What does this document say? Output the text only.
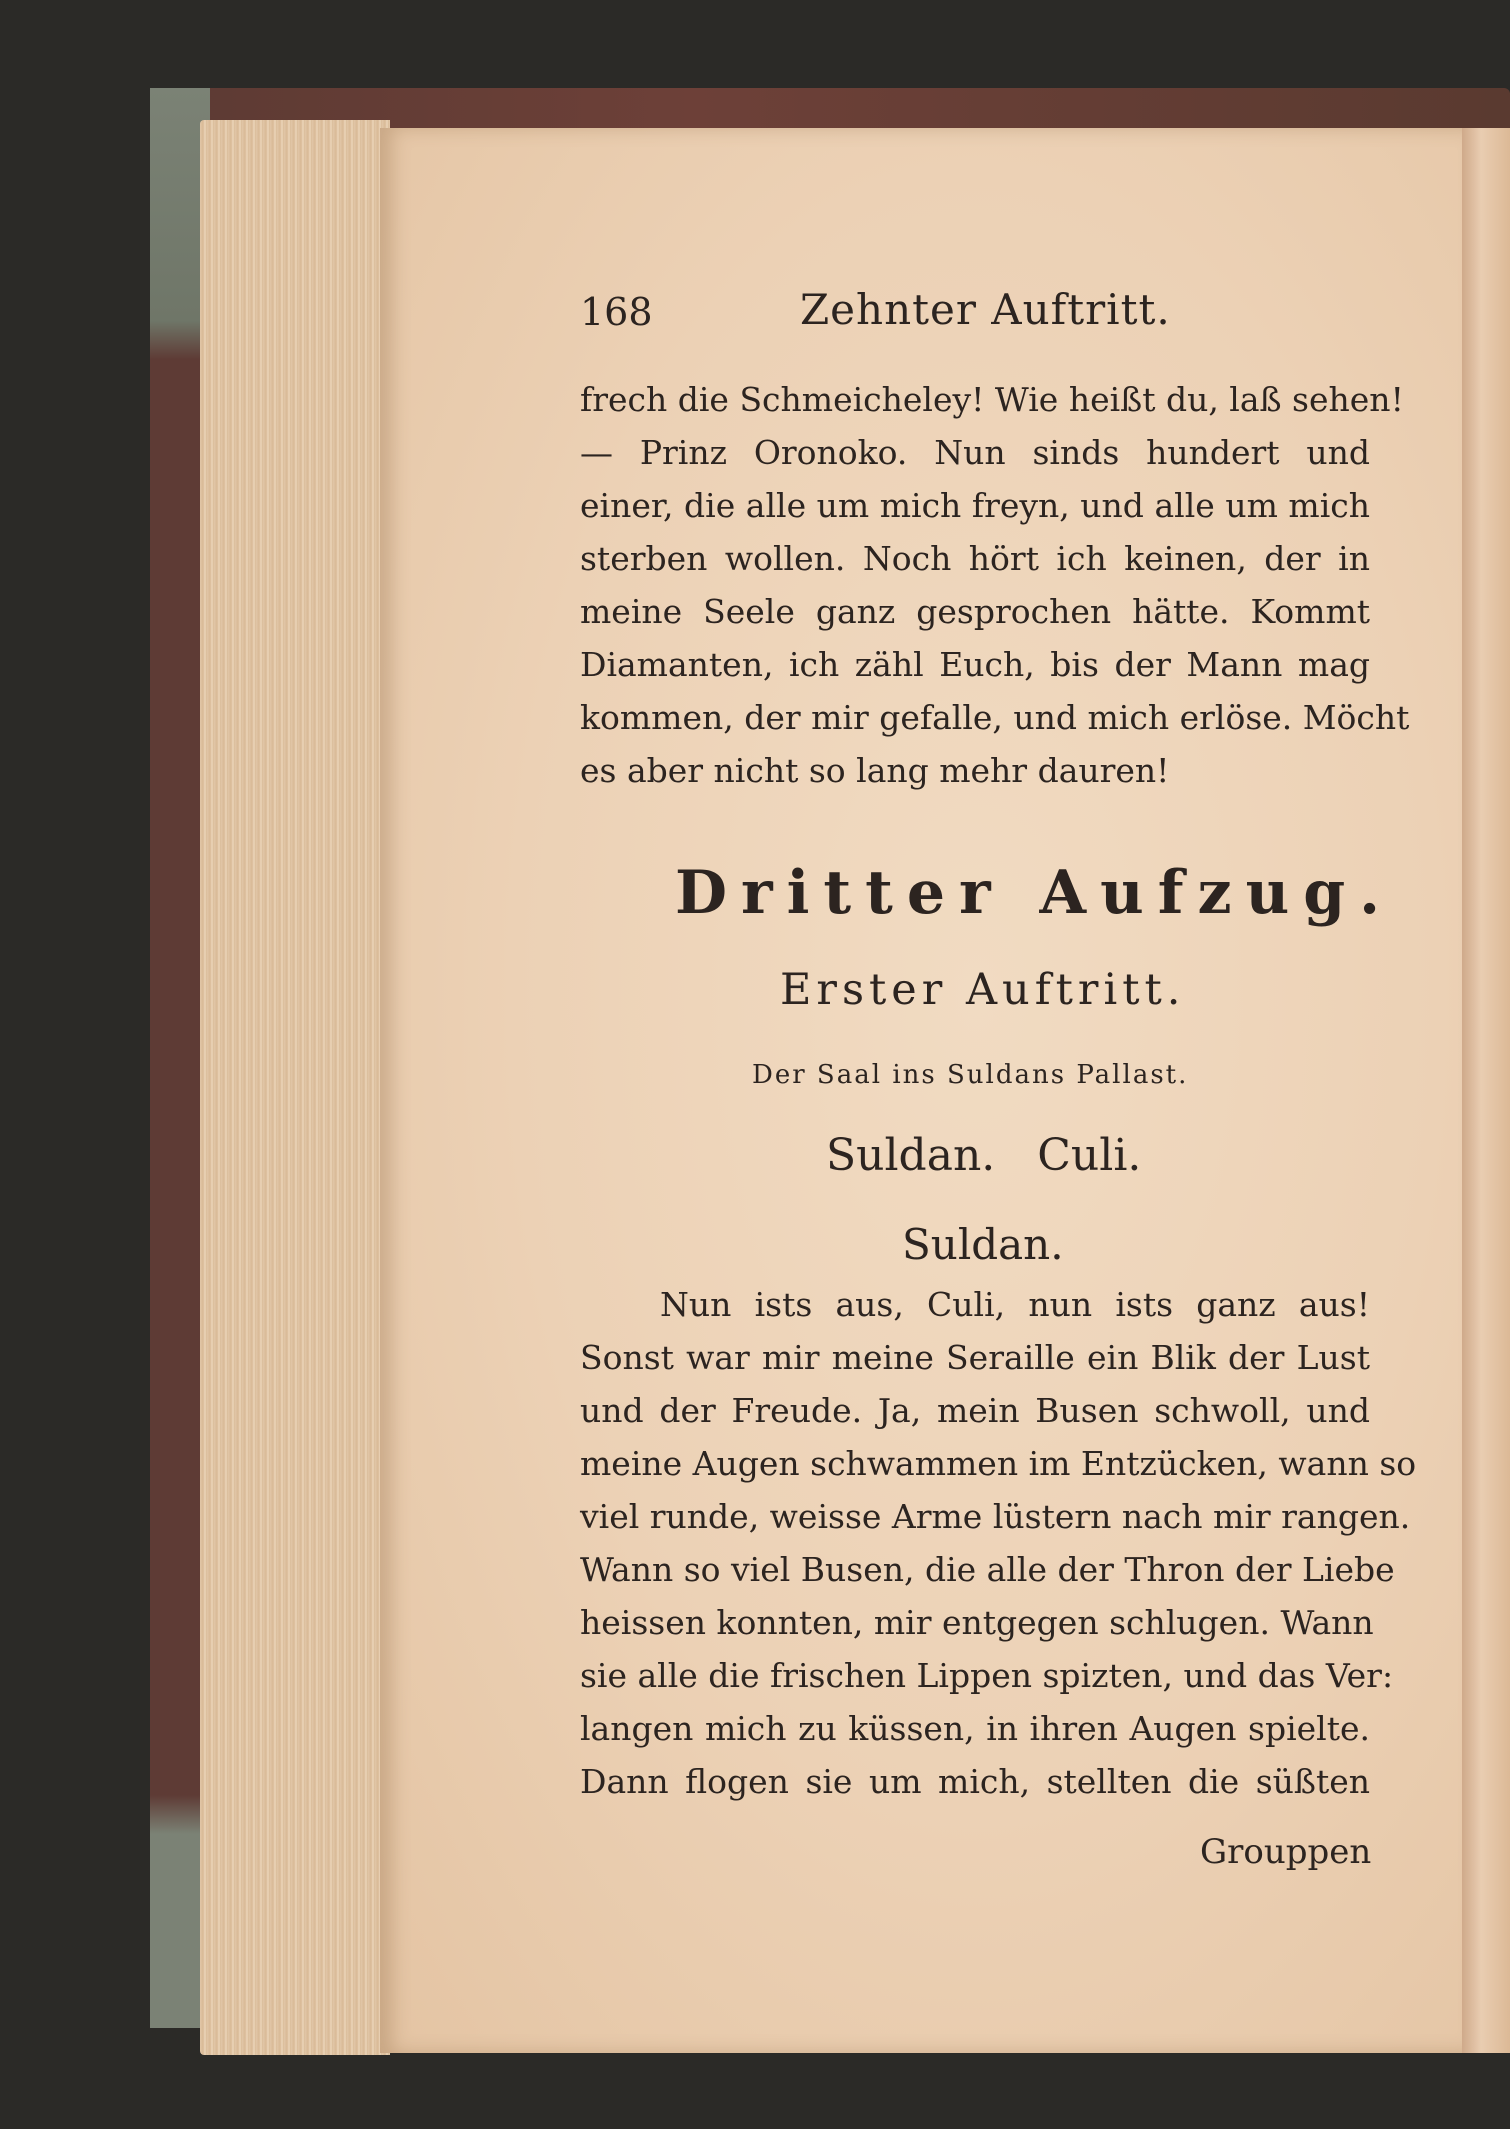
168	Zehnter Auftritt.
frech die Schmeicheley! Wie heißt du, laß sehen!
— Prinz Oronoko. Nun sinds hundert und
einer, die alle um mich freyn, und alle um mich
sterben wollen. Noch hört ich keinen, der in
meine Seele ganz gesprochen hätte. Kommt
Diamanten, ich zähl Euch, bis der Mann mag
kommen, der mir gefalle, und mich erlöse. Möcht
es aber nicht so lang mehr dauren!
Dritter Aufzug.
Erster Auftritt.
Der Saal ins Suldans Pallast.
Suldan. Culi.
Suldan.
Nun ists aus, Culi, nun ists ganz aus!
Sonst war mir meine Seraille ein Blik der Lust
und der Freude. Ja, mein Busen schwoll, und
meine Augen schwammen im Entzücken, wann so
viel runde, weisse Arme lüstern nach mir rangen.
Wann so viel Busen, die alle der Thron der Liebe
heissen konnten, mir entgegen schlugen. Wann
sie alle die frischen Lippen spizten, und das Ver:
langen mich zu küssen, in ihren Augen spielte.
Dann flogen sie um mich, stellten die süßten
Grouppen
